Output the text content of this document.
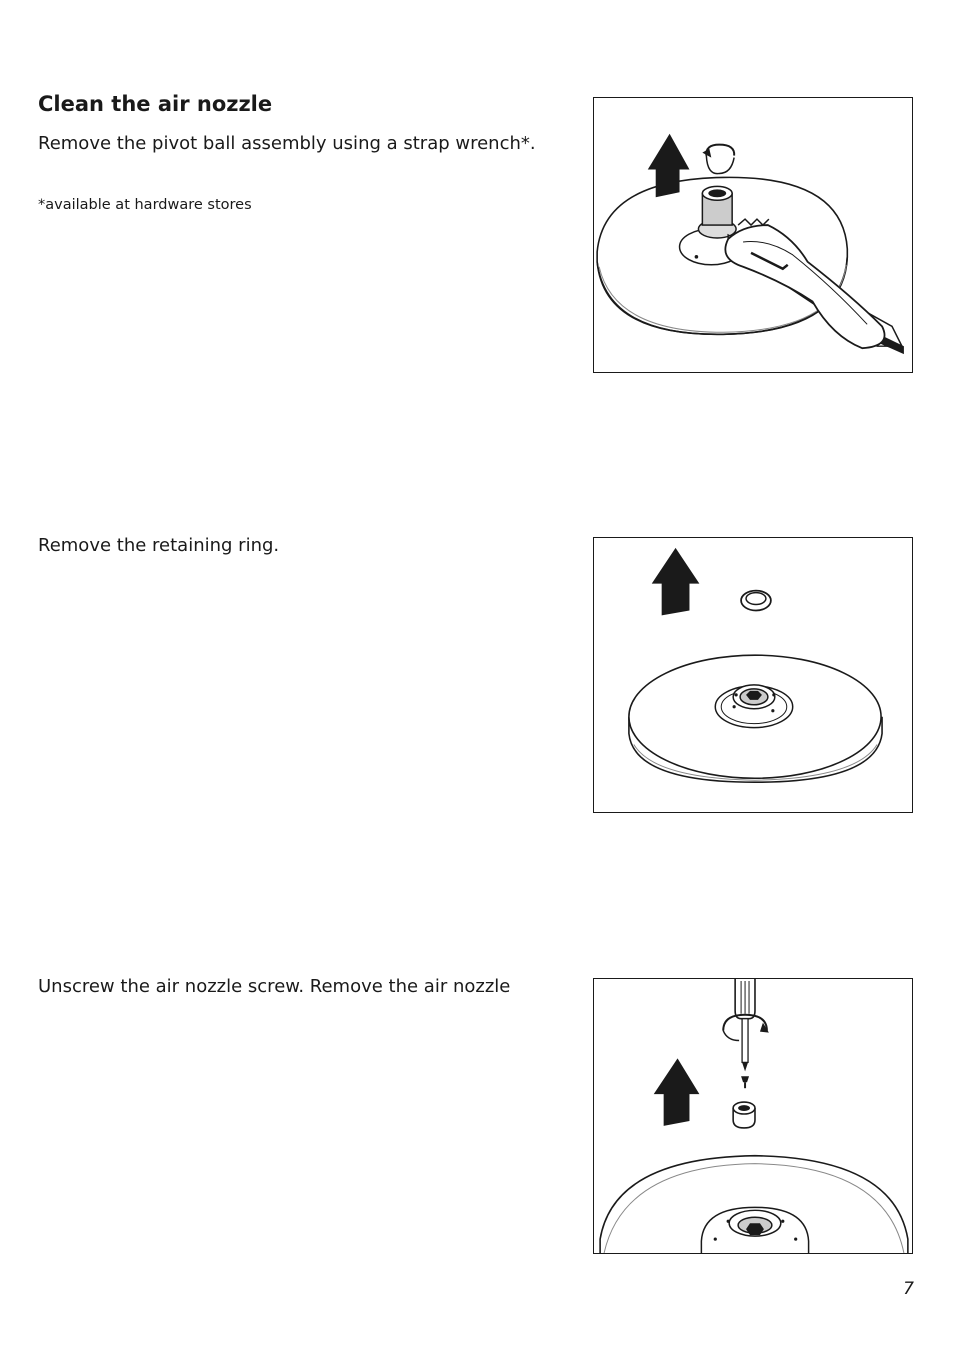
Clean the air nozzle

Remove the pivot ball assembly using a strap wrench*.

*available at hardware stores

Remove the retaining ring.

Unscrew the air nozzle screw. Remove the air nozzle

7
